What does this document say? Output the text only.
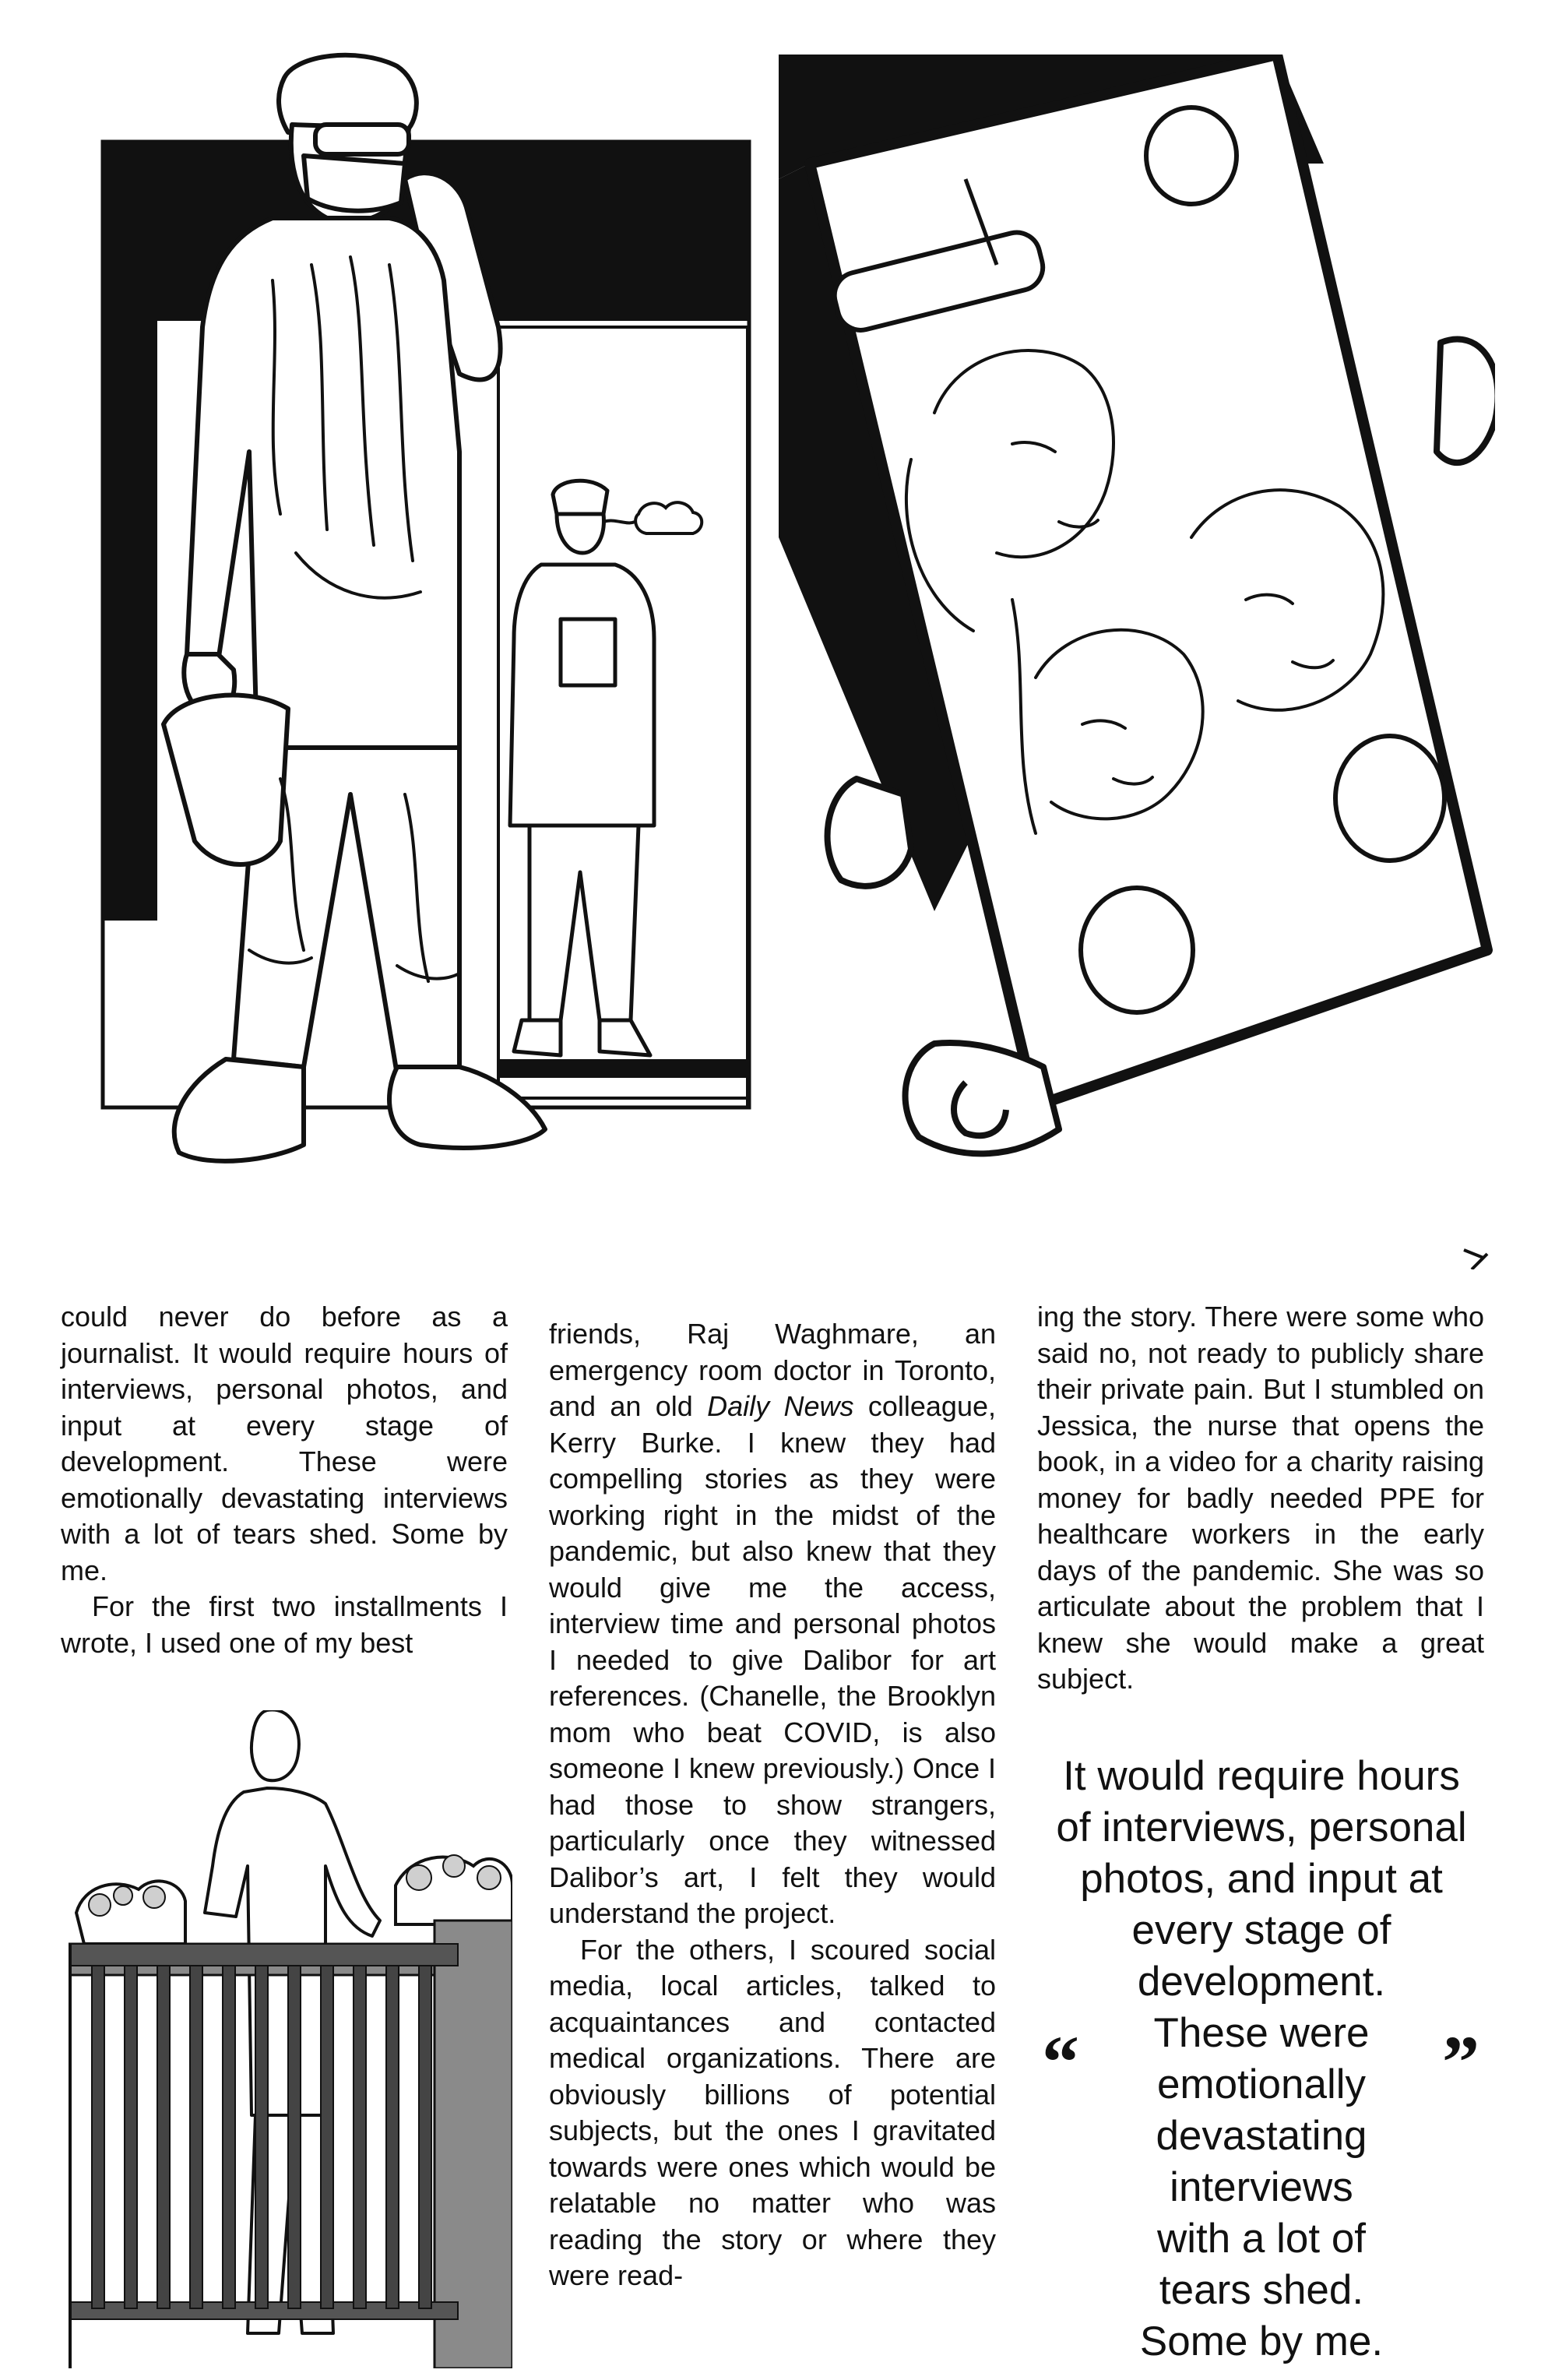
could never do before as a journalist. It would require hours of interviews, personal photos, and input at every stage of development. These were emotionally devastating interviews with a lot of tears shed. Some by me.

For the first two installments I wrote, I used one of my best

friends, Raj Waghmare, an emergency room doctor in Toronto, and an old Daily News colleague, Kerry Burke. I knew they had compelling stories as they were working right in the midst of the pandemic, but also knew that they would give me the access, interview time and personal photos I needed to give Dalibor for art references. (Chanelle, the Brooklyn mom who beat COVID, is also someone I knew previously.) Once I had those to show strangers, particularly once they witnessed Dalibor’s art, I felt they would understand the project.

For the others, I scoured social media, local articles, talked to acquaintances and contacted medical organizations. There are obviously billions of potential subjects, but the ones I gravitated towards were ones which would be relatable no matter who was reading the story or where they were read-

ing the story. There were some who said no, not ready to publicly share their private pain. But I stumbled on Jessica, the nurse that opens the book, in a video for a charity raising money for badly needed PPE for healthcare workers in the early days of the pandemic. She was so articulate about the problem that I knew she would make a great subject.

It would require hours of interviews, personal photos, and input at every stage of development.
These were emotionally devastating interviews with a lot of tears shed. Some by me.
“	”
